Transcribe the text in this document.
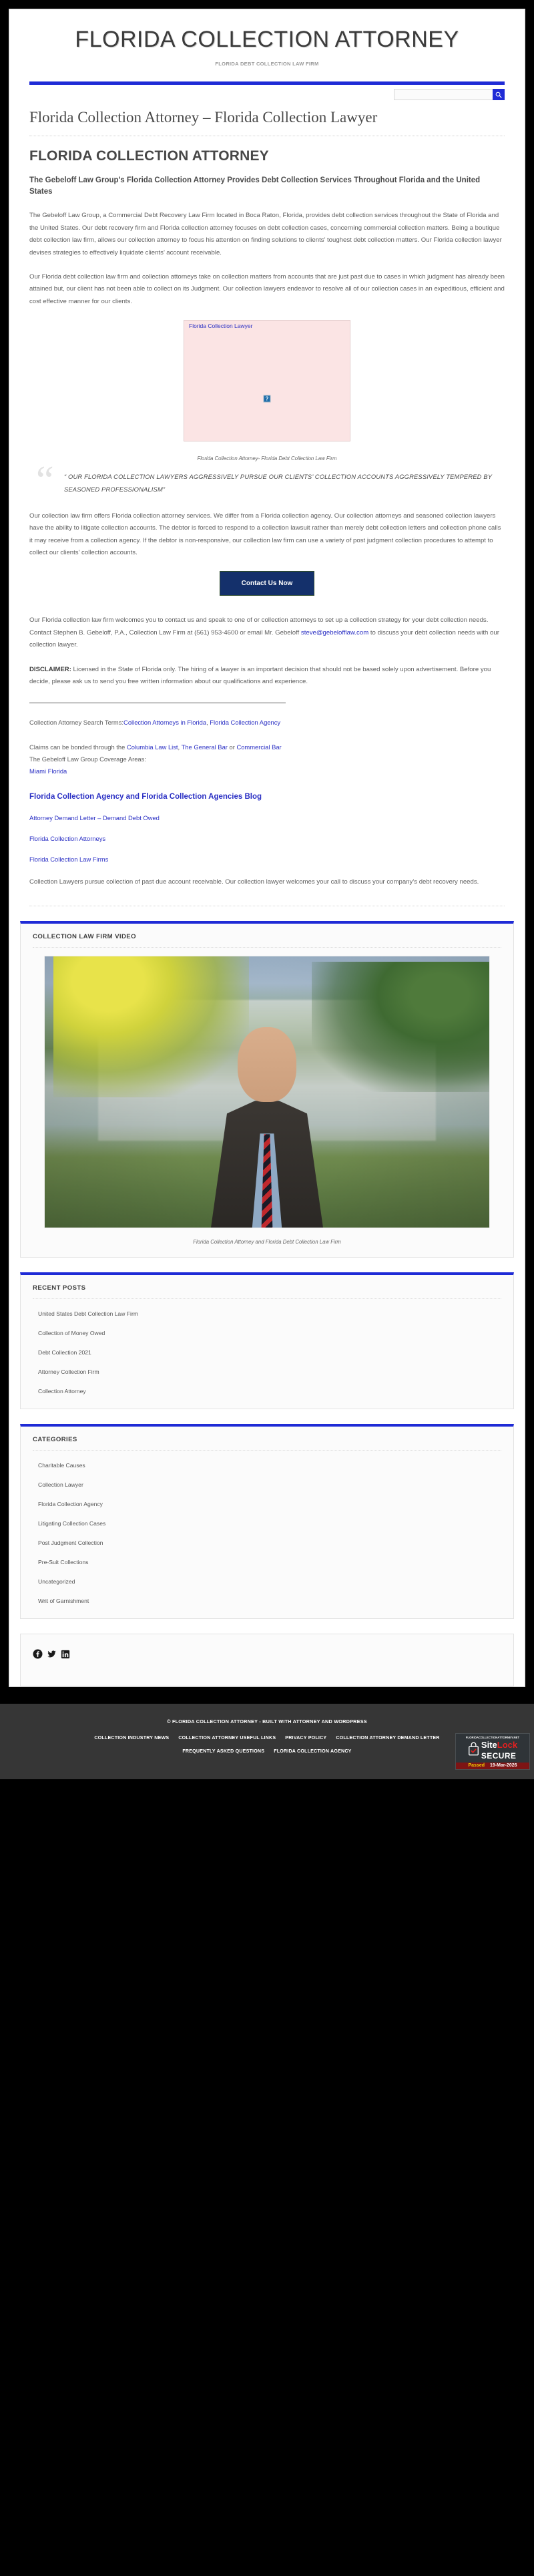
FLORIDA COLLECTION ATTORNEY
FLORIDA DEBT COLLECTION LAW FIRM
Florida Collection Attorney – Florida Collection Lawyer
FLORIDA COLLECTION ATTORNEY
The Gebeloff Law Group’s Florida Collection Attorney Provides Debt Collection Services Throughout Florida and the United States

The Gebeloff Law Group, a Commercial Debt Recovery Law Firm located in Boca Raton, Florida, provides debt collection services throughout the State of Florida and the United States. Our debt recovery firm and Florida collection attorney focuses on debt collection cases, concerning commercial collection matters. Being a boutique debt collection law firm, allows our collection attorney to focus his attention on finding solutions to clients’ toughest debt collection matters. Our Florida collection lawyer devises strategies to effectively liquidate clients’ account receivable.

Our Florida debt collection law firm and collection attorneys take on collection matters from accounts that are just past due to cases in which judgment has already been attained but, our client has not been able to collect on its Judgment. Our collection lawyers endeavor to resolve all of our collection cases in an expeditious, efficient and cost effective manner for our clients.

Florida Collection Lawyer
?
Florida Collection Attorney- Florida Debt Collection Law Firm
“ “ OUR FLORIDA COLLECTION LAWYERS AGGRESSIVELY PURSUE OUR CLIENTS’ COLLECTION ACCOUNTS AGGRESSIVELY TEMPERED BY SEASONED PROFESSIONALISM”

Our collection law firm offers Florida collection attorney services. We differ from a Florida collection agency. Our collection attorneys and seasoned collection lawyers have the ability to litigate collection accounts. The debtor is forced to respond to a collection lawsuit rather than merely debt collection letters and collection phone calls it may receive from a collection agency. If the debtor is non-responsive, our collection law firm can use a variety of post judgment collection procedures to attempt to collect our clients’ collection accounts.

Contact Us Now

Our Florida collection law firm welcomes you to contact us and speak to one of or collection attorneys to set up a collection strategy for your debt collection needs. Contact Stephen B. Gebeloff, P.A., Collection Law Firm at (561) 953-4600 or email Mr. Gebeloff steve@gebelofflaw.com to discuss your debt collection needs with our collection lawyer.

DISCLAIMER: Licensed in the State of Florida only. The hiring of a lawyer is an important decision that should not be based solely upon advertisement. Before you decide, please ask us to send you free written information about our qualifications and experience.

Collection Attorney Search Terms:Collection Attorneys in Florida, Florida Collection Agency
Claims can be bonded through the Columbia Law List, The General Bar or Commercial Bar
The Gebeloff Law Group Coverage Areas:
Miami Florida
Florida Collection Agency and Florida Collection Agencies Blog
Attorney Demand Letter – Demand Debt Owed
Florida Collection Attorneys
Florida Collection Law Firms

Collection Lawyers pursue collection of past due account receivable. Our collection lawyer welcomes your call to discuss your company’s debt recovery needs.

COLLECTION LAW FIRM VIDEO
Florida Collection Attorney and Florida Debt Collection Law Firm
RECENT POSTS
United States Debt Collection Law Firm
Collection of Money Owed
Debt Collection 2021
Attorney Collection Firm
Collection Attorney
CATEGORIES
Charitable Causes
Collection Lawyer
Florida Collection Agency
Litigating Collection Cases
Post Judgment Collection
Pre-Suit Collections
Uncategorized
Writ of Garnishment
© FLORIDA COLLECTION ATTORNEY - BUILT WITH ATTORNEY AND WORDPRESS
COLLECTION INDUSTRY NEWS COLLECTION ATTORNEY USEFUL LINKS PRIVACY POLICY COLLECTION ATTORNEY DEMAND LETTER
FREQUENTLY ASKED QUESTIONS FLORIDA COLLECTION AGENCY
FLORIDACOLLECTIONATTORNEY.NET
SiteLock
SECURE
Passed 19-Mar-2026
